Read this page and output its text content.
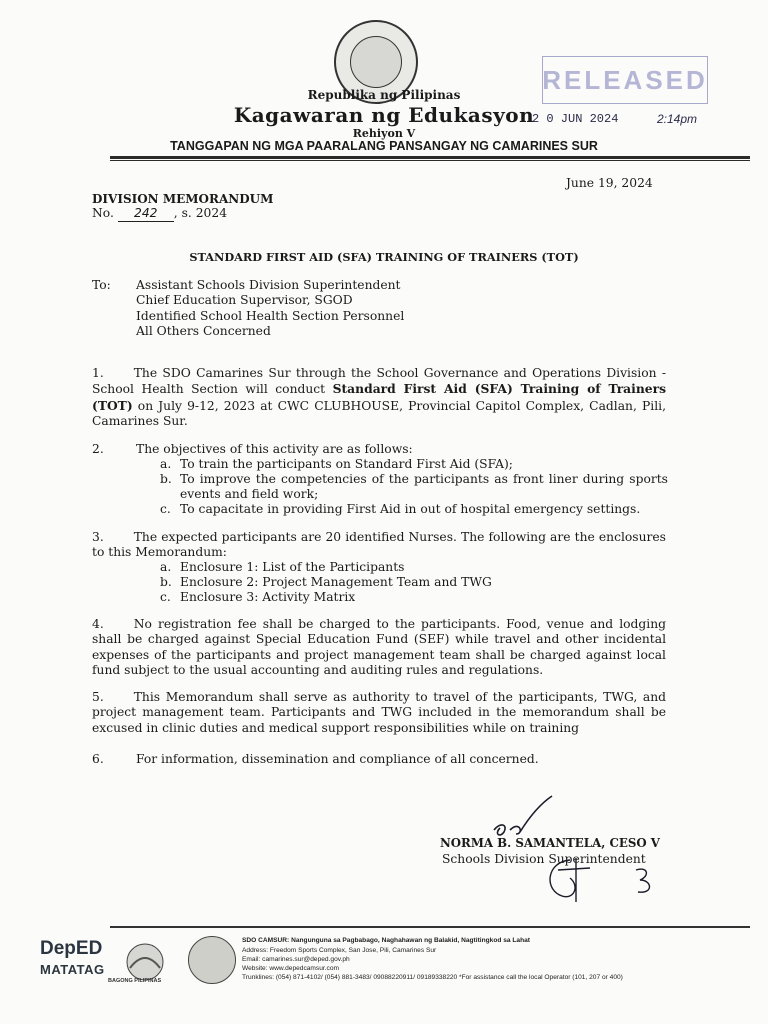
Republika ng Pilipinas
Kagawaran ng Edukasyon
Rehiyon V
TANGGAPAN NG MGA PAARALANG PANSANGAY NG CAMARINES SUR
RELEASED
2 0 JUN 2024	2:14pm
June 19, 2024
DIVISION MEMORANDUM
No. 242 , s. 2024
STANDARD FIRST AID (SFA) TRAINING OF TRAINERS (TOT)
To: Assistant Schools Division Superintendent
Chief Education Supervisor, SGOD
Identified School Health Section Personnel
All Others Concerned
1. The SDO Camarines Sur through the School Governance and Operations Division - School Health Section will conduct Standard First Aid (SFA) Training of Trainers (TOT) on July 9-12, 2023 at CWC CLUBHOUSE, Provincial Capitol Complex, Cadlan, Pili, Camarines Sur.
2.	The objectives of this activity are as follows:
a. To train the participants on Standard First Aid (SFA);
b. To improve the competencies of the participants as front liner during sports events and field work;
c. To capacitate in providing First Aid in out of hospital emergency settings.
3. The expected participants are 20 identified Nurses. The following are the enclosures to this Memorandum:
a. Enclosure 1: List of the Participants
b. Enclosure 2: Project Management Team and TWG
c. Enclosure 3: Activity Matrix
4. No registration fee shall be charged to the participants. Food, venue and lodging shall be charged against Special Education Fund (SEF) while travel and other incidental expenses of the participants and project management team shall be charged against local fund subject to the usual accounting and auditing rules and regulations.
5. This Memorandum shall serve as authority to travel of the participants, TWG, and project management team. Participants and TWG included in the memorandum shall be excused in clinic duties and medical support responsibilities while on training
6.	For information, dissemination and compliance of all concerned.
NORMA B. SAMANTELA, CESO V
Schools Division Superintendent
DepED
MATATAG
BAGONG PILIPINAS
SDO CAMSUR: Nangunguna sa Pagbabago, Naghahawan ng Balakid, Nagtitingkod sa Lahat
Address: Freedom Sports Complex, San Jose, Pili, Camarines Sur
Email: camarines.sur@deped.gov.ph
Website: www.depedcamsur.com
Trunklines: (054) 871-4102/ (054) 881-3483/ 09088220911/ 09189338220 *For assistance call the local Operator (101, 207 or 400)
